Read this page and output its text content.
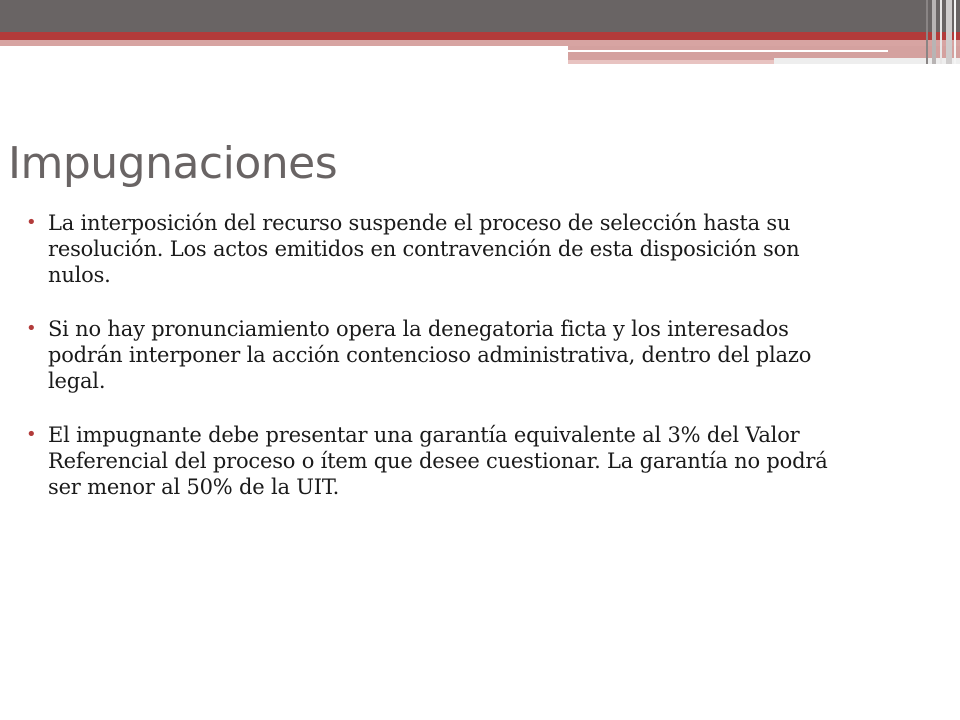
Impugnaciones
• La interposición del recurso suspende el proceso de selección hasta su resolución. Los actos emitidos en contravención de esta disposición son nulos.
• Si no hay pronunciamiento opera la denegatoria ficta y los interesados podrán interponer la acción contencioso administrativa, dentro del plazo legal.
• El impugnante debe presentar una garantía equivalente al 3% del Valor Referencial del proceso o ítem que desee cuestionar. La garantía no podrá ser menor al 50% de la UIT.
